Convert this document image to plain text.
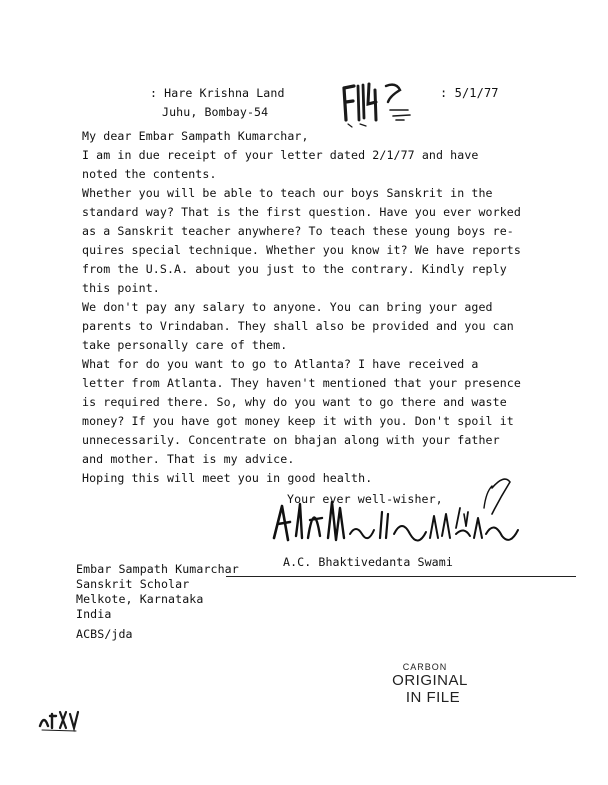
: Hare Krishna Land
Juhu, Bombay-54
: 5/1/77
My dear Embar Sampath Kumarchar,
I am in due receipt of your letter dated 2/1/77 and have
noted the contents.
Whether you will be able to teach our boys Sanskrit in the
standard way? That is the first question. Have you ever worked
as a Sanskrit teacher anywhere? To teach these young boys re-
quires special technique. Whether you know it? We have reports
from the U.S.A. about you just to the contrary. Kindly reply
this point.
We don't pay any salary to anyone. You can bring your aged
parents to Vrindaban. They shall also be provided and you can
take personally care of them.
What for do you want to go to Atlanta? I have received a
letter from Atlanta. They haven't mentioned that your presence
is required there. So, why do you want to go there and waste
money? If you have got money keep it with you. Don't spoil it
unnecessarily. Concentrate on bhajan along with your father
and mother. That is my advice.
Hoping this will meet you in good health.
Your ever well-wisher,
A.C. Bhaktivedanta Swami
Embar Sampath Kumarchar
Sanskrit Scholar
Melkote, Karnataka
India
ACBS/jda
CARBON
ORIGINAL
IN FILE
